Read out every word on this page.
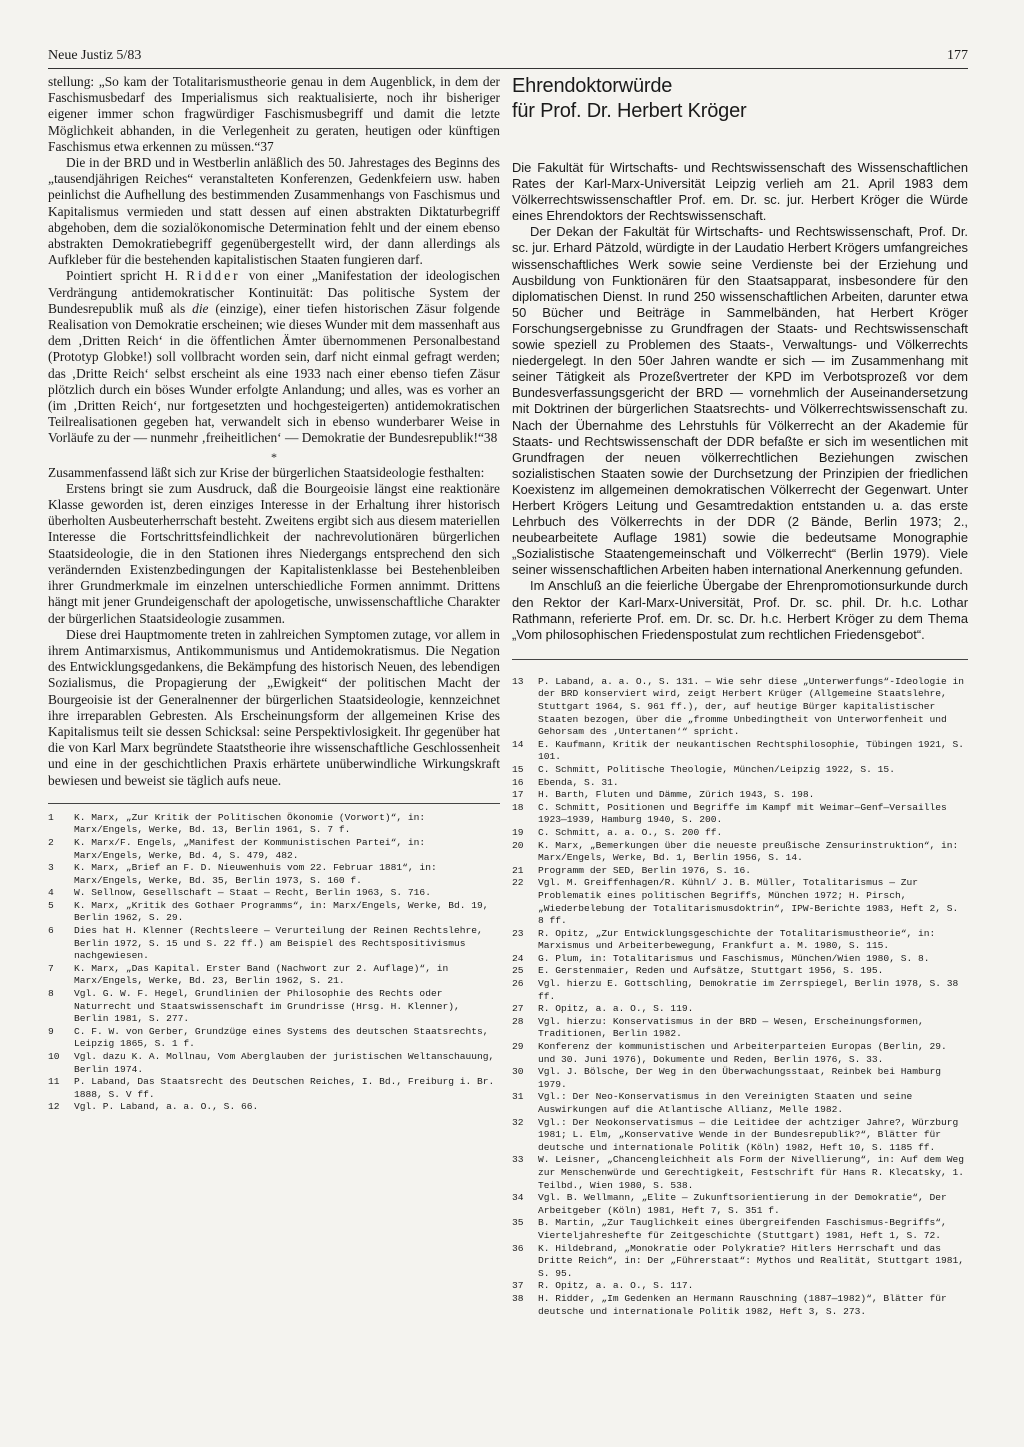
Neue Justiz 5/83	177

stellung: „So kam der Totalitarismustheorie genau in dem Augenblick, in dem der Faschismusbedarf des Imperialismus sich reaktualisierte, noch ihr bisheriger eigener immer schon fragwürdiger Faschismusbegriff und damit die letzte Möglichkeit abhanden, in die Verlegenheit zu geraten, heutigen oder künftigen Faschismus etwa erkennen zu müssen.“37

Die in der BRD und in Westberlin anläßlich des 50. Jahrestages des Beginns des „tausendjährigen Reiches“ veranstalteten Konferenzen, Gedenkfeiern usw. haben peinlichst die Aufhellung des bestimmenden Zusammenhangs von Faschismus und Kapitalismus vermieden und statt dessen auf einen abstrakten Diktaturbegriff abgehoben, dem die sozialökonomische Determination fehlt und der einem ebenso abstrakten Demokratiebegriff gegenübergestellt wird, der dann allerdings als Aufkleber für die bestehenden kapitalistischen Staaten fungieren darf.

Pointiert spricht H. Ridder von einer „Manifestation der ideologischen Verdrängung antidemokratischer Kontinuität: Das politische System der Bundesrepublik muß als die (einzige), einer tiefen historischen Zäsur folgende Realisation von Demokratie erscheinen; wie dieses Wunder mit dem massenhaft aus dem ‚Dritten Reich‘ in die öffentlichen Ämter übernommenen Personalbestand (Prototyp Globke!) soll vollbracht worden sein, darf nicht einmal gefragt werden; das ‚Dritte Reich‘ selbst erscheint als eine 1933 nach einer ebenso tiefen Zäsur plötzlich durch ein böses Wunder erfolgte Anlandung; und alles, was es vorher an (im ‚Dritten Reich‘, nur fortgesetzten und hochgesteigerten) antidemokratischen Teilrealisationen gegeben hat, verwandelt sich in ebenso wunderbarer Weise in Vorläufe zu der — nunmehr ‚freiheitlichen‘ — Demokratie der Bundesrepublik!“38

*

Zusammenfassend läßt sich zur Krise der bürgerlichen Staatsideologie festhalten:

Erstens bringt sie zum Ausdruck, daß die Bourgeoisie längst eine reaktionäre Klasse geworden ist, deren einziges Interesse in der Erhaltung ihrer historisch überholten Ausbeuterherrschaft besteht. Zweitens ergibt sich aus diesem materiellen Interesse die Fortschrittsfeindlichkeit der nachrevolutionären bürgerlichen Staatsideologie, die in den Stationen ihres Niedergangs entsprechend den sich verändernden Existenzbedingungen der Kapitalistenklasse bei Bestehenbleiben ihrer Grundmerkmale im einzelnen unterschiedliche Formen annimmt. Drittens hängt mit jener Grundeigenschaft der apologetische, unwissenschaftliche Charakter der bürgerlichen Staatsideologie zusammen.

Diese drei Hauptmomente treten in zahlreichen Symptomen zutage, vor allem in ihrem Antimarxismus, Antikommunismus und Antidemokratismus. Die Negation des Entwicklungsgedankens, die Bekämpfung des historisch Neuen, des lebendigen Sozialismus, die Propagierung der „Ewigkeit“ der politischen Macht der Bourgeoisie ist der Generalnenner der bürgerlichen Staatsideologie, kennzeichnet ihre irreparablen Gebresten. Als Erscheinungsform der allgemeinen Krise des Kapitalismus teilt sie dessen Schicksal: seine Perspektivlosigkeit. Ihr gegenüber hat die von Karl Marx begründete Staatstheorie ihre wissenschaftliche Geschlossenheit und eine in der geschichtlichen Praxis erhärtete unüberwindliche Wirkungskraft bewiesen und beweist sie täglich aufs neue.

1	K. Marx, „Zur Kritik der Politischen Ökonomie (Vorwort)“, in: Marx/Engels, Werke, Bd. 13, Berlin 1961, S. 7 f.
2	K. Marx/F. Engels, „Manifest der Kommunistischen Partei“, in: Marx/Engels, Werke, Bd. 4, S. 479, 482.
3	K. Marx, „Brief an F. D. Nieuwenhuis vom 22. Februar 1881“, in: Marx/Engels, Werke, Bd. 35, Berlin 1973, S. 160 f.
4	W. Sellnow, Gesellschaft — Staat — Recht, Berlin 1963, S. 716.
5	K. Marx, „Kritik des Gothaer Programms“, in: Marx/Engels, Werke, Bd. 19, Berlin 1962, S. 29.
6	Dies hat H. Klenner (Rechtsleere — Verurteilung der Reinen Rechtslehre, Berlin 1972, S. 15 und S. 22 ff.) am Beispiel des Rechtspositivismus nachgewiesen.
7	K. Marx, „Das Kapital. Erster Band (Nachwort zur 2. Auflage)“, in Marx/Engels, Werke, Bd. 23, Berlin 1962, S. 21.
8	Vgl. G. W. F. Hegel, Grundlinien der Philosophie des Rechts oder Naturrecht und Staatswissenschaft im Grundrisse (Hrsg. H. Klenner), Berlin 1981, S. 277.
9	C. F. W. von Gerber, Grundzüge eines Systems des deutschen Staatsrechts, Leipzig 1865, S. 1 f.
10	Vgl. dazu K. A. Mollnau, Vom Aberglauben der juristischen Weltanschauung, Berlin 1974.
11	P. Laband, Das Staatsrecht des Deutschen Reiches, I. Bd., Freiburg i. Br. 1888, S. V ff.
12	Vgl. P. Laband, a. a. O., S. 66.
Ehrendoktorwürde
für Prof. Dr. Herbert Kröger

Die Fakultät für Wirtschafts- und Rechtswissenschaft des Wissenschaftlichen Rates der Karl-Marx-Universität Leipzig verlieh am 21. April 1983 dem Völkerrechtswissenschaftler Prof. em. Dr. sc. jur. Herbert Kröger die Würde eines Ehrendoktors der Rechtswissenschaft.

Der Dekan der Fakultät für Wirtschafts- und Rechtswissenschaft, Prof. Dr. sc. jur. Erhard Pätzold, würdigte in der Laudatio Herbert Krögers umfangreiches wissenschaftliches Werk sowie seine Verdienste bei der Erziehung und Ausbildung von Funktionären für den Staatsapparat, insbesondere für den diplomatischen Dienst. In rund 250 wissenschaftlichen Arbeiten, darunter etwa 50 Bücher und Beiträge in Sammelbänden, hat Herbert Kröger Forschungsergebnisse zu Grundfragen der Staats- und Rechtswissenschaft sowie speziell zu Problemen des Staats-, Verwaltungs- und Völkerrechts niedergelegt. In den 50er Jahren wandte er sich — im Zusammenhang mit seiner Tätigkeit als Prozeßvertreter der KPD im Verbotsprozeß vor dem Bundesverfassungsgericht der BRD — vornehmlich der Auseinandersetzung mit Doktrinen der bürgerlichen Staatsrechts- und Völkerrechtswissenschaft zu. Nach der Übernahme des Lehrstuhls für Völkerrecht an der Akademie für Staats- und Rechtswissenschaft der DDR befaßte er sich im wesentlichen mit Grundfragen der neuen völkerrechtlichen Beziehungen zwischen sozialistischen Staaten sowie der Durchsetzung der Prinzipien der friedlichen Koexistenz im allgemeinen demokratischen Völkerrecht der Gegenwart. Unter Herbert Krögers Leitung und Gesamtredaktion entstanden u. a. das erste Lehrbuch des Völkerrechts in der DDR (2 Bände, Berlin 1973; 2., neubearbeitete Auflage 1981) sowie die bedeutsame Monographie „Sozialistische Staatengemeinschaft und Völkerrecht“ (Berlin 1979). Viele seiner wissenschaftlichen Arbeiten haben international Anerkennung gefunden.

Im Anschluß an die feierliche Übergabe der Ehrenpromotionsurkunde durch den Rektor der Karl-Marx-Universität, Prof. Dr. sc. phil. Dr. h.c. Lothar Rathmann, referierte Prof. em. Dr. sc. Dr. h.c. Herbert Kröger zu dem Thema „Vom philosophischen Friedenspostulat zum rechtlichen Friedensgebot“.

13	P. Laband, a. a. O., S. 131. — Wie sehr diese „Unterwerfungs“-Ideologie in der BRD konserviert wird, zeigt Herbert Krüger (Allgemeine Staatslehre, Stuttgart 1964, S. 961 ff.), der, auf heutige Bürger kapitalistischer Staaten bezogen, über die „fromme Unbedingtheit von Unterworfenheit und Gehorsam des ‚Untertanen‘“ spricht.
14	E. Kaufmann, Kritik der neukantischen Rechtsphilosophie, Tübingen 1921, S. 101.
15	C. Schmitt, Politische Theologie, München/Leipzig 1922, S. 15.
16	Ebenda, S. 31.
17	H. Barth, Fluten und Dämme, Zürich 1943, S. 198.
18	C. Schmitt, Positionen und Begriffe im Kampf mit Weimar—Genf—Versailles 1923—1939, Hamburg 1940, S. 200.
19	C. Schmitt, a. a. O., S. 200 ff.
20	K. Marx, „Bemerkungen über die neueste preußische Zensurinstruktion“, in: Marx/Engels, Werke, Bd. 1, Berlin 1956, S. 14.
21	Programm der SED, Berlin 1976, S. 16.
22	Vgl. M. Greiffenhagen/R. Kühnl/ J. B. Müller, Totalitarismus — Zur Problematik eines politischen Begriffs, München 1972; H. Pirsch, „Wiederbelebung der Totalitarismusdoktrin“, IPW-Berichte 1983, Heft 2, S. 8 ff.
23	R. Opitz, „Zur Entwicklungsgeschichte der Totalitarismustheorie“, in: Marxismus und Arbeiterbewegung, Frankfurt a. M. 1980, S. 115.
24	G. Plum, in: Totalitarismus und Faschismus, München/Wien 1980, S. 8.
25	E. Gerstenmaier, Reden und Aufsätze, Stuttgart 1956, S. 195.
26	Vgl. hierzu E. Gottschling, Demokratie im Zerrspiegel, Berlin 1978, S. 38 ff.
27	R. Opitz, a. a. O., S. 119.
28	Vgl. hierzu: Konservatismus in der BRD — Wesen, Erscheinungsformen, Traditionen, Berlin 1982.
29	Konferenz der kommunistischen und Arbeiterparteien Europas (Berlin, 29. und 30. Juni 1976), Dokumente und Reden, Berlin 1976, S. 33.
30	Vgl. J. Bölsche, Der Weg in den Überwachungsstaat, Reinbek bei Hamburg 1979.
31	Vgl.: Der Neo-Konservatismus in den Vereinigten Staaten und seine Auswirkungen auf die Atlantische Allianz, Melle 1982.
32	Vgl.: Der Neokonservatismus — die Leitidee der achtziger Jahre?, Würzburg 1981; L. Elm, „Konservative Wende in der Bundesrepublik?“, Blätter für deutsche und internationale Politik (Köln) 1982, Heft 10, S. 1185 ff.
33	W. Leisner, „Chancengleichheit als Form der Nivellierung“, in: Auf dem Weg zur Menschenwürde und Gerechtigkeit, Festschrift für Hans R. Klecatsky, 1. Teilbd., Wien 1980, S. 538.
34	Vgl. B. Wellmann, „Elite — Zukunftsorientierung in der Demokratie“, Der Arbeitgeber (Köln) 1981, Heft 7, S. 351 f.
35	B. Martin, „Zur Tauglichkeit eines übergreifenden Faschismus-Begriffs“, Vierteljahreshefte für Zeitgeschichte (Stuttgart) 1981, Heft 1, S. 72.
36	K. Hildebrand, „Monokratie oder Polykratie? Hitlers Herrschaft und das Dritte Reich“, in: Der „Führerstaat“: Mythos und Realität, Stuttgart 1981, S. 95.
37	R. Opitz, a. a. O., S. 117.
38	H. Ridder, „Im Gedenken an Hermann Rauschning (1887—1982)“, Blätter für deutsche und internationale Politik 1982, Heft 3, S. 273.
